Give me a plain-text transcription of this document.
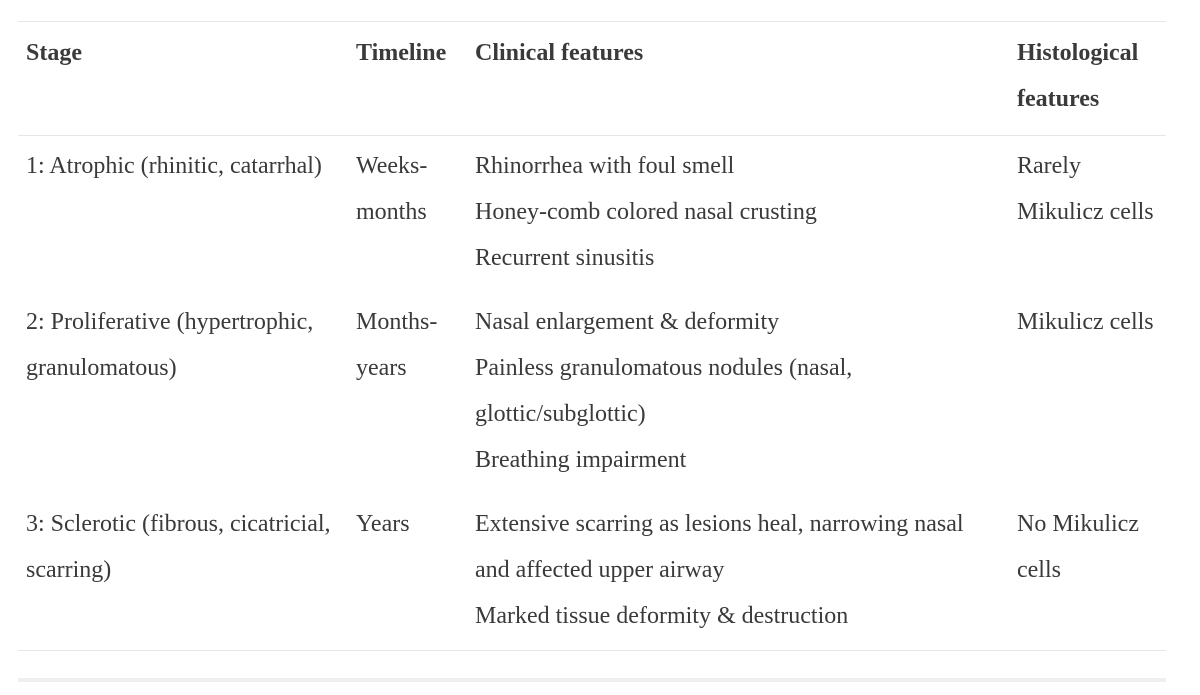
Stage	Timeline	Clinical features	Histological features
1: Atrophic (rhinitic, catarrhal)	Weeks-months	Rhinorrhea with foul smell
Honey-comb colored nasal crusting
Recurrent sinusitis	Rarely Mikulicz cells
2: Proliferative (hypertrophic, granulomatous)	Months-years	Nasal enlargement & deformity
Painless granulomatous nodules (nasal, glottic/subglottic)
Breathing impairment	Mikulicz cells
3: Sclerotic (fibrous, cicatricial, scarring)	Years	Extensive scarring as lesions heal, narrowing nasal and affected upper airway
Marked tissue deformity & destruction	No Mikulicz cells
